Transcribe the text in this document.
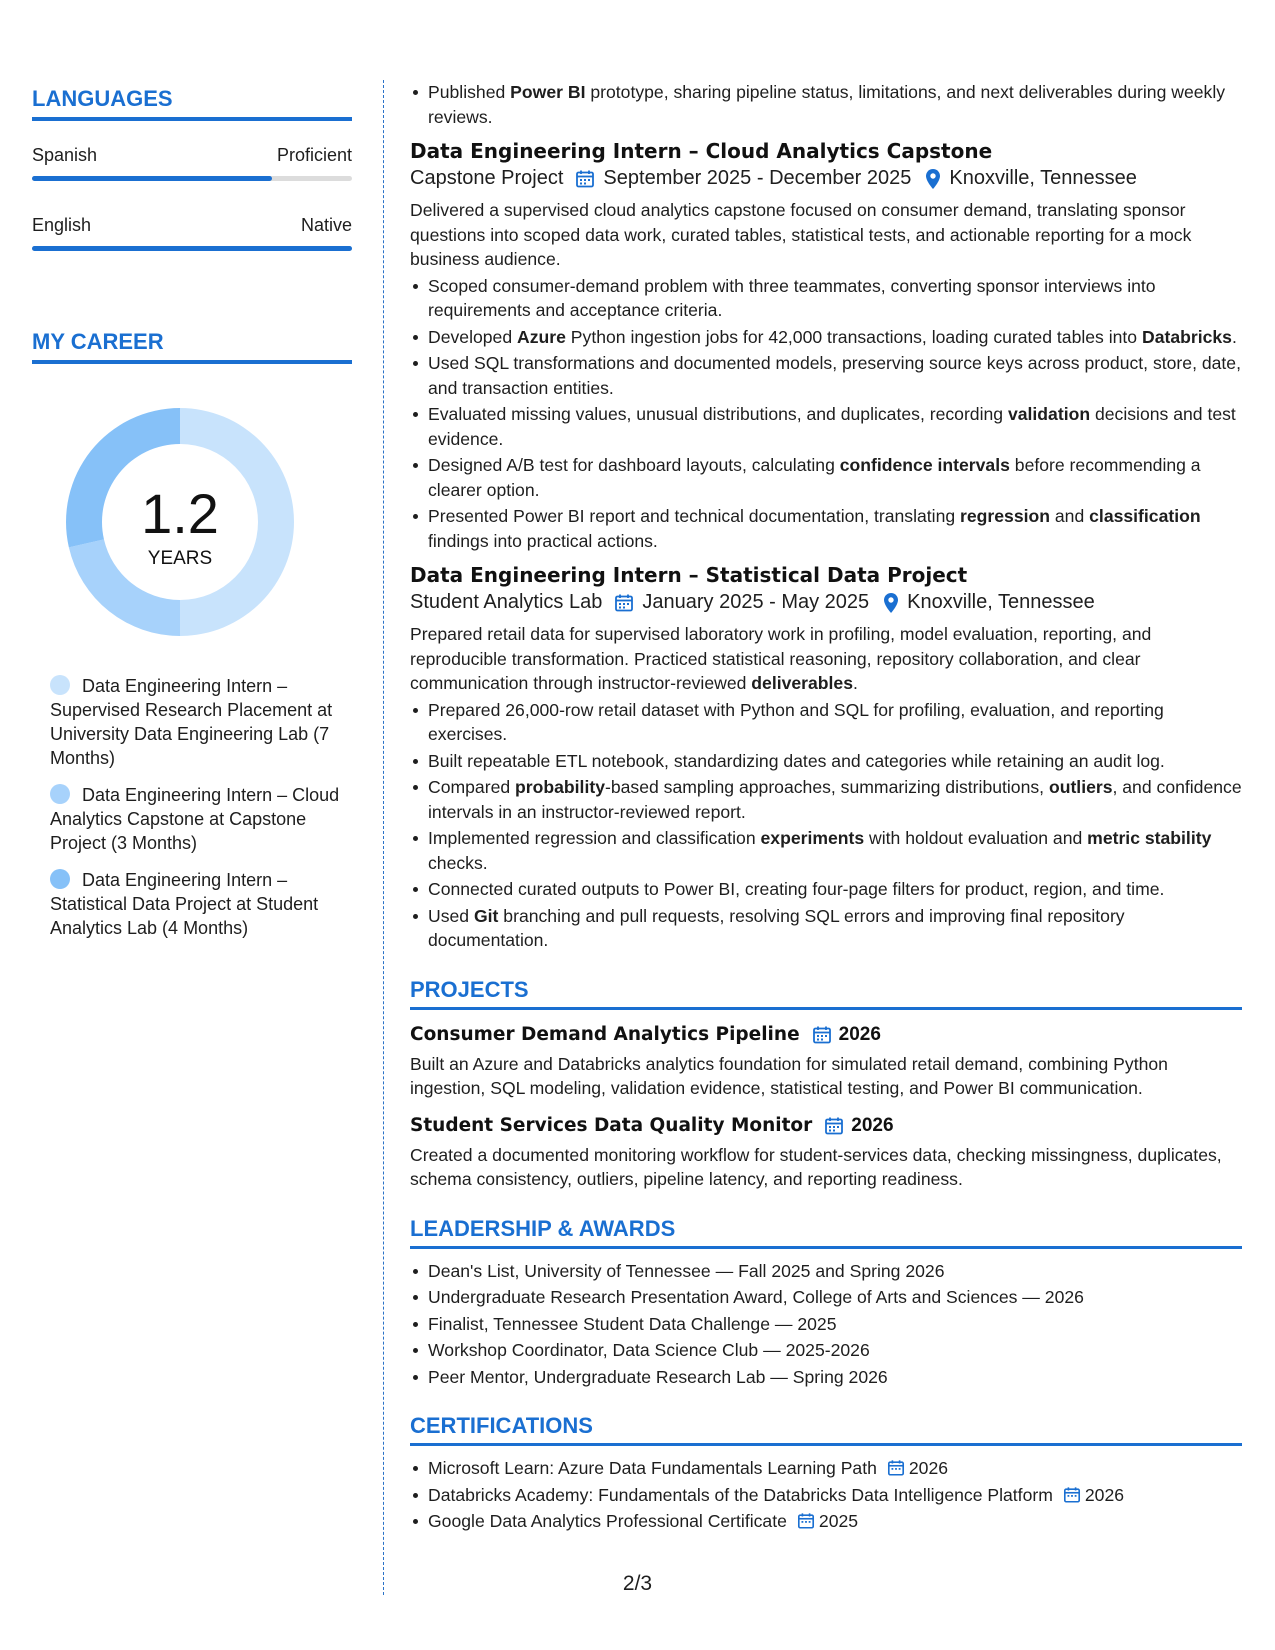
LANGUAGES
Spanish	Proficient
English	Native
MY CAREER
1.2
YEARS
Data Engineering Intern – Supervised Research Placement at University Data Engineering Lab (7 Months)
Data Engineering Intern – Cloud Analytics Capstone at Capstone Project (3 Months)
Data Engineering Intern – Statistical Data Project at Student Analytics Lab (4 Months)
Published Power BI prototype, sharing pipeline status, limitations, and next deliverables during weekly reviews.
Data Engineering Intern – Cloud Analytics Capstone
Capstone Project September 2025 - December 2025 Knoxville, Tennessee
Delivered a supervised cloud analytics capstone focused on consumer demand, translating sponsor questions into scoped data work, curated tables, statistical tests, and actionable reporting for a mock business audience.
Scoped consumer-demand problem with three teammates, converting sponsor interviews into requirements and acceptance criteria.
Developed Azure Python ingestion jobs for 42,000 transactions, loading curated tables into Databricks.
Used SQL transformations and documented models, preserving source keys across product, store, date, and transaction entities.
Evaluated missing values, unusual distributions, and duplicates, recording validation decisions and test evidence.
Designed A/B test for dashboard layouts, calculating confidence intervals before recommending a clearer option.
Presented Power BI report and technical documentation, translating regression and classification findings into practical actions.
Data Engineering Intern – Statistical Data Project
Student Analytics Lab January 2025 - May 2025 Knoxville, Tennessee
Prepared retail data for supervised laboratory work in profiling, model evaluation, reporting, and reproducible transformation. Practiced statistical reasoning, repository collaboration, and clear communication through instructor-reviewed deliverables.
Prepared 26,000-row retail dataset with Python and SQL for profiling, evaluation, and reporting exercises.
Built repeatable ETL notebook, standardizing dates and categories while retaining an audit log.
Compared probability-based sampling approaches, summarizing distributions, outliers, and confidence intervals in an instructor-reviewed report.
Implemented regression and classification experiments with holdout evaluation and metric stability checks.
Connected curated outputs to Power BI, creating four-page filters for product, region, and time.
Used Git branching and pull requests, resolving SQL errors and improving final repository documentation.
PROJECTS
Consumer Demand Analytics Pipeline 2026
Built an Azure and Databricks analytics foundation for simulated retail demand, combining Python ingestion, SQL modeling, validation evidence, statistical testing, and Power BI communication.
Student Services Data Quality Monitor 2026
Created a documented monitoring workflow for student-services data, checking missingness, duplicates, schema consistency, outliers, pipeline latency, and reporting readiness.
LEADERSHIP & AWARDS
Dean's List, University of Tennessee — Fall 2025 and Spring 2026
Undergraduate Research Presentation Award, College of Arts and Sciences — 2026
Finalist, Tennessee Student Data Challenge — 2025
Workshop Coordinator, Data Science Club — 2025-2026
Peer Mentor, Undergraduate Research Lab — Spring 2026
CERTIFICATIONS
Microsoft Learn: Azure Data Fundamentals Learning Path 2026
Databricks Academy: Fundamentals of the Databricks Data Intelligence Platform 2026
Google Data Analytics Professional Certificate 2025
2/3
